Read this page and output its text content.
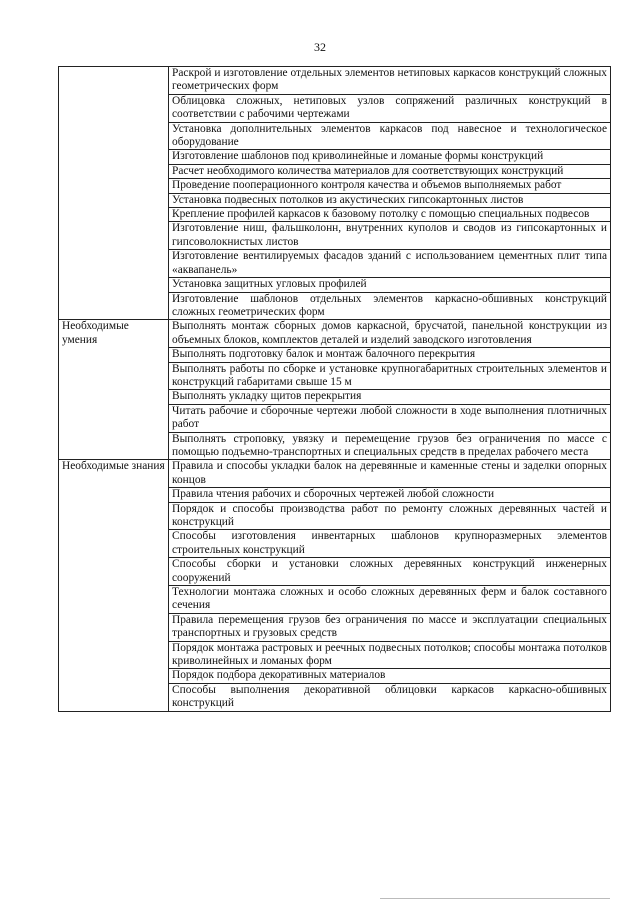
32
	Раскрой и изготовление отдельных элементов нетиповых каркасов конструкций сложных геометрических форм
	Облицовка сложных, нетиповых узлов сопряжений различных конструкций в соответствии с рабочими чертежами
	Установка дополнительных элементов каркасов под навесное и технологическое оборудование
	Изготовление шаблонов под криволинейные и ломаные формы конструкций
	Расчет необходимого количества материалов для соответствующих конструкций
	Проведение пооперационного контроля качества и объемов выполняемых работ
	Установка подвесных потолков из акустических гипсокартонных листов
	Крепление профилей каркасов к базовому потолку с помощью специальных подвесов
	Изготовление ниш, фальшколонн, внутренних куполов и сводов из гипсокартонных и гипсоволокнистых листов
	Изготовление вентилируемых фасадов зданий с использованием цементных плит типа «аквапанель»
	Установка защитных угловых профилей
	Изготовление шаблонов отдельных элементов каркасно-обшивных конструкций сложных геометрических форм
Необходимые умения	Выполнять монтаж сборных домов каркасной, брусчатой, панельной конструкции из объемных блоков, комплектов деталей и изделий заводского изготовления
	Выполнять подготовку балок и монтаж балочного перекрытия
	Выполнять работы по сборке и установке крупногабаритных строительных элементов и конструкций габаритами свыше 15 м
	Выполнять укладку щитов перекрытия
	Читать рабочие и сборочные чертежи любой сложности в ходе выполнения плотничных работ
	Выполнять строповку, увязку и перемещение грузов без ограничения по массе с помощью подъемно-транспортных и специальных средств в пределах рабочего места
Необходимые знания	Правила и способы укладки балок на деревянные и каменные стены и заделки опорных концов
	Правила чтения рабочих и сборочных чертежей любой сложности
	Порядок и способы производства работ по ремонту сложных деревянных частей и конструкций
	Способы изготовления инвентарных шаблонов крупноразмерных элементов строительных конструкций
	Способы сборки и установки сложных деревянных конструкций инженерных сооружений
	Технологии монтажа сложных и особо сложных деревянных ферм и балок составного сечения
	Правила перемещения грузов без ограничения по массе и эксплуатации специальных транспортных и грузовых средств
	Порядок монтажа растровых и реечных подвесных потолков; способы монтажа потолков криволинейных и ломаных форм
	Порядок подбора декоративных материалов
	Способы выполнения декоративной облицовки каркасов каркасно-обшивных конструкций
